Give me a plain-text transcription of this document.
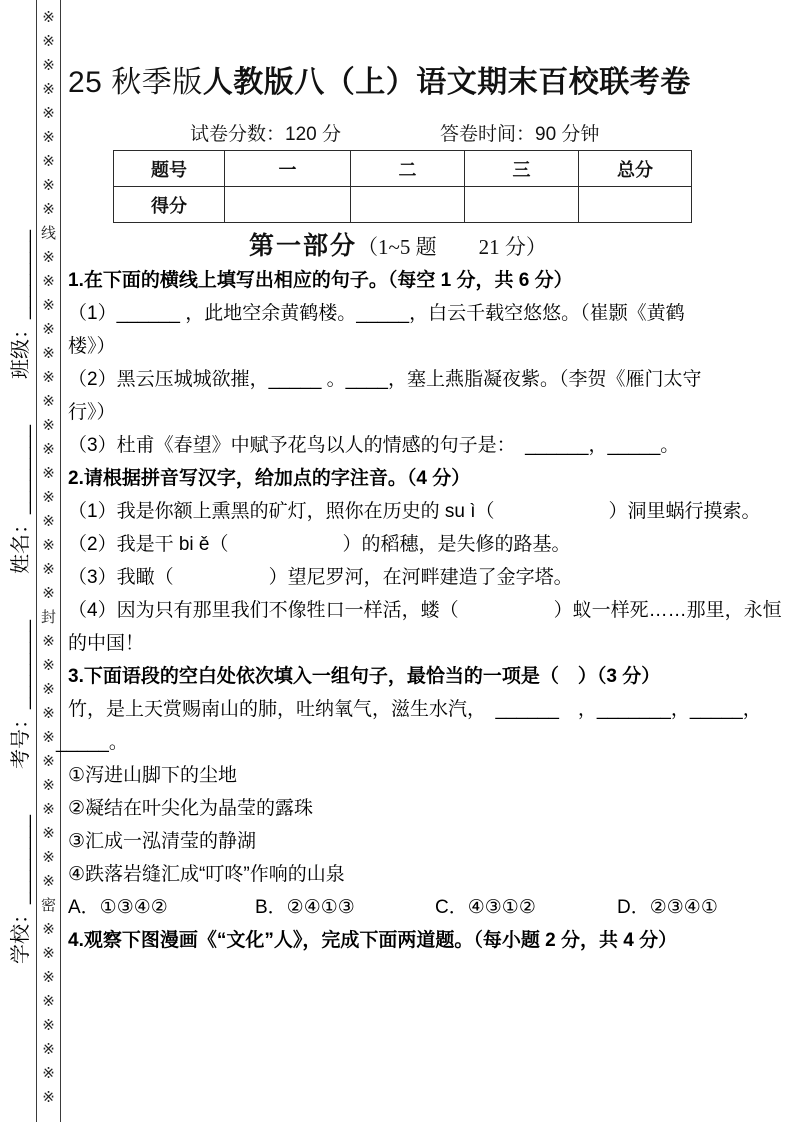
※※※※※※※※※线※※※※※※※※※※※※※※※封※※※※※※※※※※※密※※※※※※※※
学校：________
考号：________
姓名：________
班级：________
25 秋季版人教版八（上）语文期末百校联考卷
试卷分数：120 分	答卷时间：90 分钟
题号	一	二	三	总分
得分				
第一部分（1~5 题　　21 分）
1.在下面的横线上填写出相应的句子。（每空 1 分，共 6 分）
（1）______ ，此地空余黄鹤楼。_____，白云千载空悠悠。（崔颢《黄鹤
楼》）
（2）黑云压城城欲摧，_____ 。____，塞上燕脂凝夜紫。（李贺《雁门太守
行》）
（3）杜甫《春望》中赋予花鸟以人的情感的句子是：　______，_____。
2.请根据拼音写汉字，给加点的字注音。（4 分）
（1）我是你额上熏黑的矿灯，照你在历史的 su ì（　　　　　　）洞里蜗行摸索。
（2）我是干 bi ě（　　　　　　）的稻穗，是失修的路基。
（3）我瞰（　　　　　）望尼罗河，在河畔建造了金字塔。
（4）因为只有那里我们不像牲口一样活，蝼（　　　　　）蚁一样死……那里，永恒
的中国！
3.下面语段的空白处依次填入一组句子，最恰当的一项是（　）（3 分）
竹，是上天赏赐南山的肺，吐纳氧气，滋生水汽，　______　，_______，_____，
_____。
①泻进山脚下的尘地
②凝结在叶尖化为晶莹的露珠
③汇成一泓清莹的静湖
④跌落岩缝汇成“叮咚”作响的山泉
A．①③④②	B．②④①③	C．④③①②	D．②③④①
4.观察下图漫画《“文化”人》，完成下面两道题。（每小题 2 分，共 4 分）
